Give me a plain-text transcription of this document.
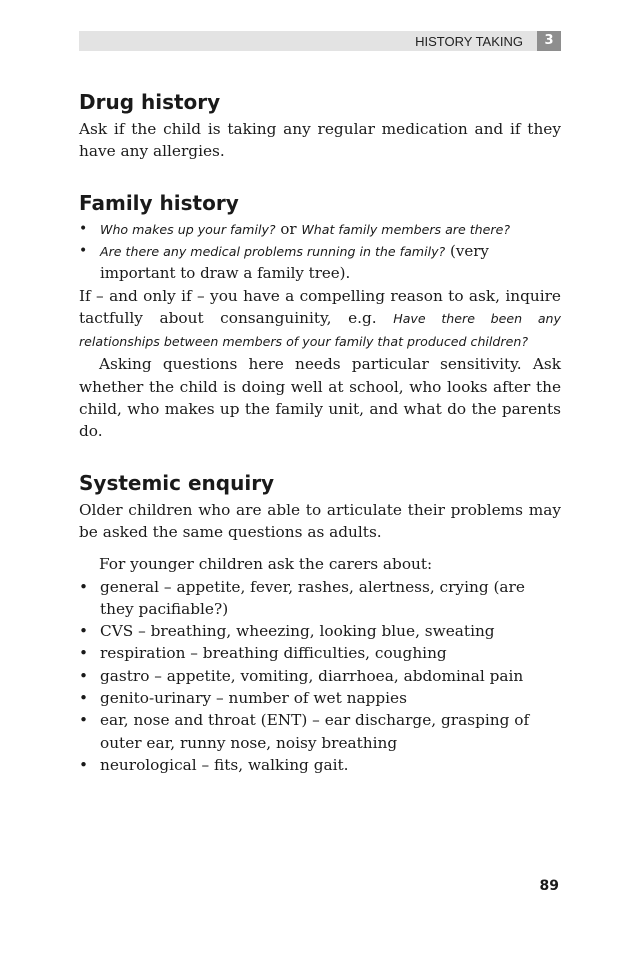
HISTORY TAKING	3
Drug history

Ask if the child is taking any regular medication and if they have any allergies.

Family history
• Who makes up your family? or What family members are there?
• Are there any medical problems running in the family? (very important to draw a family tree).

If – and only if – you have a compelling reason to ask, inquire tactfully about consanguinity, e.g. Have there been any relationships between members of your family that produced children?

Asking questions here needs particular sensitivity. Ask whether the child is doing well at school, who looks after the child, who makes up the family unit, and what do the parents do.

Systemic enquiry

Older children who are able to articulate their problems may be asked the same questions as adults.

For younger children ask the carers about:

• general – appetite, fever, rashes, alertness, crying (are they pacifiable?)
• CVS – breathing, wheezing, looking blue, sweating
• respiration – breathing difficulties, coughing
• gastro – appetite, vomiting, diarrhoea, abdominal pain
• genito-urinary – number of wet nappies
• ear, nose and throat (ENT) – ear discharge, grasping of outer ear, runny nose, noisy breathing
• neurological – fits, walking gait.
89
